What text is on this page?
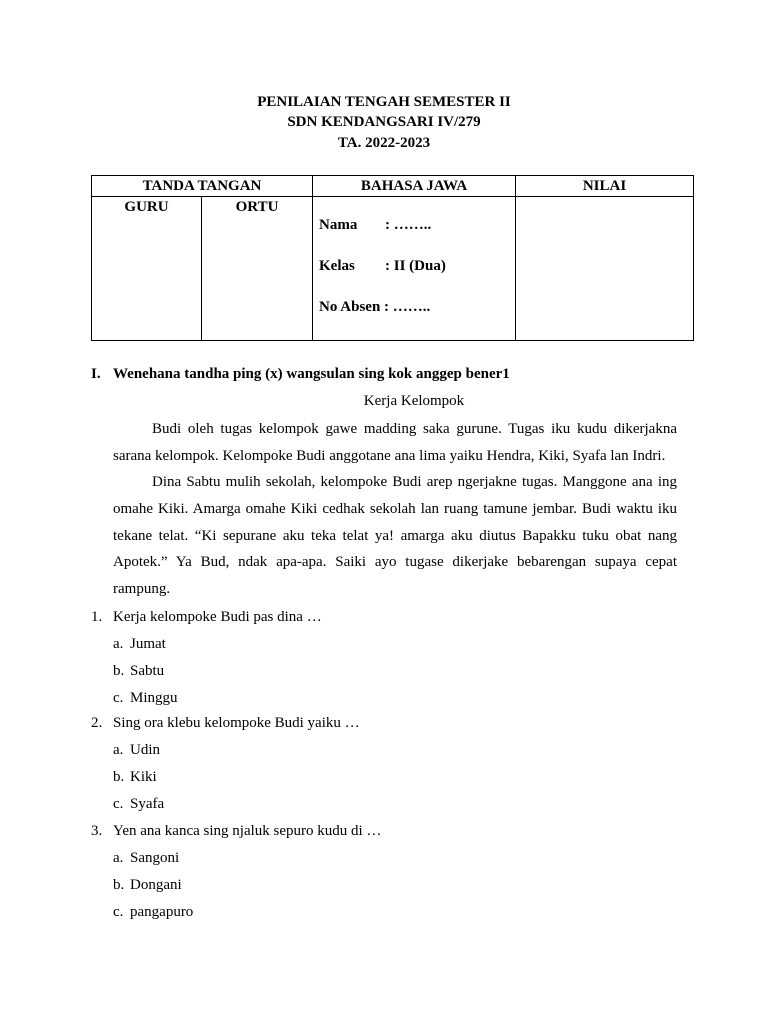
PENILAIAN TENGAH SEMESTER II
SDN KENDANGSARI IV/279
TA. 2022-2023
TANDA TANGAN		BAHASA JAWA	NILAI
GURU	ORTU	Nama : ……..
Kelas : II (Dua)
No Absen : ……..	

I. Wenehana tandha ping (x) wangsulan sing kok anggep bener1
Kerja Kelompok
Budi oleh tugas kelompok gawe madding saka gurune. Tugas iku kudu dikerjakna sarana kelompok. Kelompoke Budi anggotane ana lima yaiku Hendra, Kiki, Syafa lan Indri.
Dina Sabtu mulih sekolah, kelompoke Budi arep ngerjakne tugas. Manggone ana ing omahe Kiki. Amarga omahe Kiki cedhak sekolah lan ruang tamune jembar. Budi waktu iku tekane telat. “Ki sepurane aku teka telat ya! amarga aku diutus Bapakku tuku obat nang Apotek.” Ya Bud, ndak apa-apa. Saiki ayo tugase dikerjake bebarengan supaya cepat rampung.
1. Kerja kelompoke Budi pas dina …
a. Jumat
b. Sabtu
c. Minggu
2. Sing ora klebu kelompoke Budi yaiku …
a. Udin
b. Kiki
c. Syafa
3. Yen ana kanca sing njaluk sepuro kudu di …
a. Sangoni
b. Dongani
c. pangapuro
